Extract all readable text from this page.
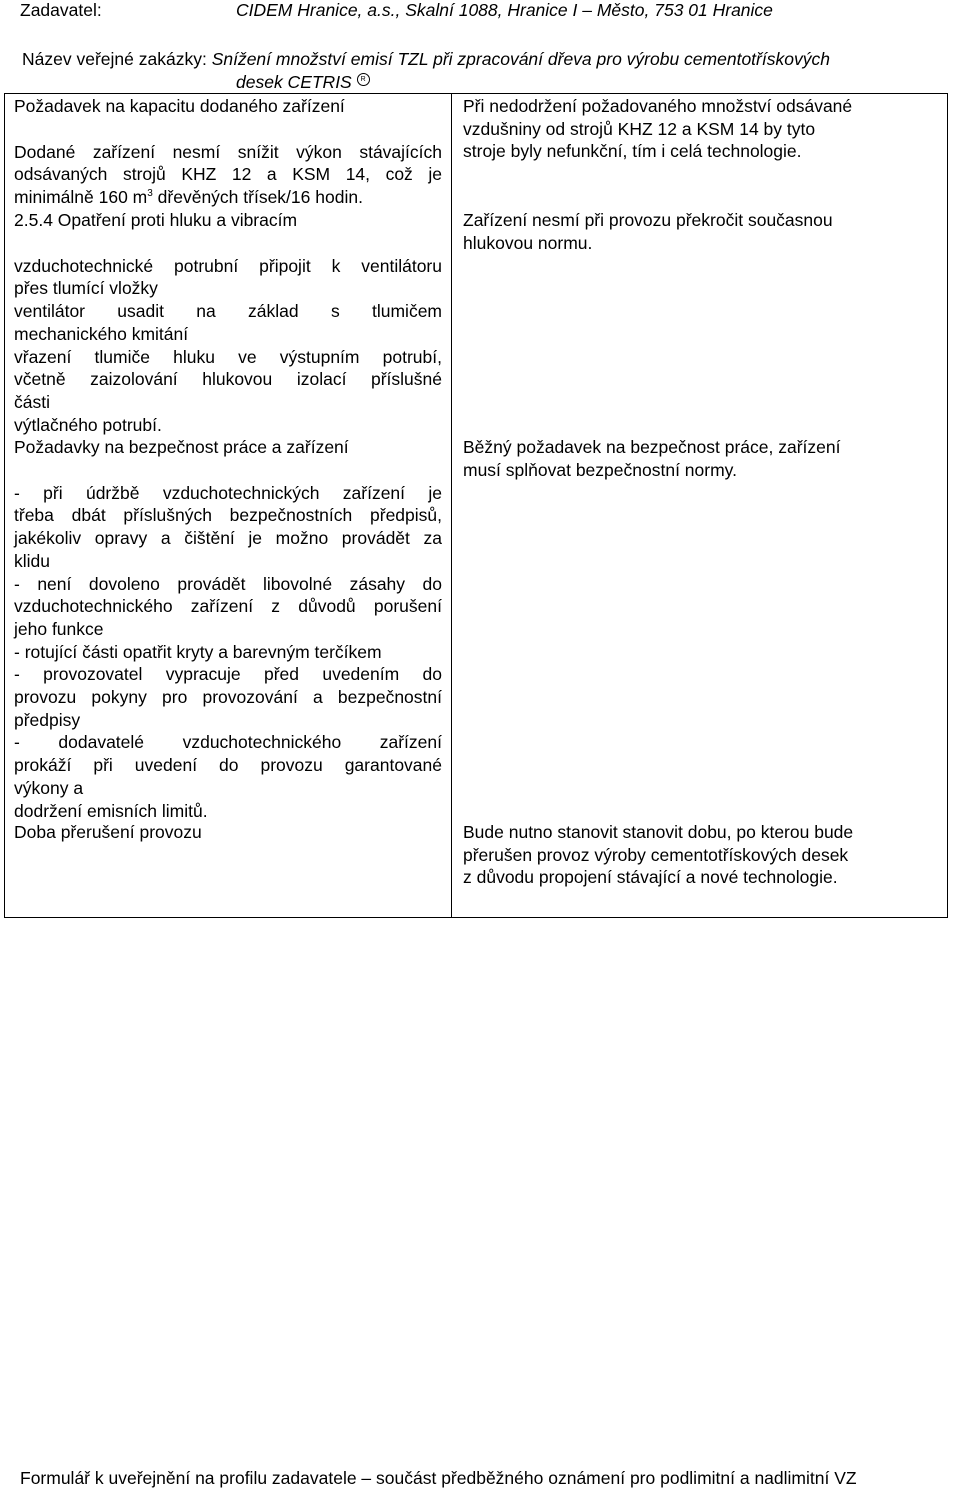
Zadavatel:	CIDEM Hranice, a.s., Skalní 1088, Hranice I – Město, 753 01 Hranice
Název veřejné zakázky: Snížení množství emisí TZL při zpracování dřeva pro výrobu cementotřískových
desek CETRIS R

Požadavek na kapacitu dodaného zařízení

Dodané zařízení nesmí snížit výkon stávajících

odsávaných strojů KHZ 12 a KSM 14, což je

minimálně 160 $m^3$ dřevěných třísek/16 hodin.

Při nedodržení požadovaného množství odsávané

vzdušniny od strojů KHZ 12 a KSM 14 by tyto

stroje byly nefunkční, tím i celá technologie.

2.5.4 Opatření proti hluku a vibracím

vzduchotechnické potrubní připojit k ventilátoru

přes tlumící vložky

ventilátor usadit na základ s tlumičem

mechanického kmitání

vřazení tlumiče hluku ve výstupním potrubí,

včetně zaizolování hlukovou izolací příslušné

části

výtlačného potrubí.

Zařízení nesmí při provozu překročit současnou

hlukovou normu.

Požadavky na bezpečnost práce a zařízení

- při údržbě vzduchotechnických zařízení je

třeba dbát příslušných bezpečnostních předpisů,

jakékoliv opravy a čištění je možno provádět za

klidu

- není dovoleno provádět libovolné zásahy do

vzduchotechnického zařízení z důvodů porušení

jeho funkce

- rotující části opatřit kryty a barevným terčíkem

- provozovatel vypracuje před uvedením do

provozu pokyny pro provozování a bezpečnostní

předpisy

- dodavatelé vzduchotechnického zařízení

prokáží při uvedení do provozu garantované

výkony a

dodržení emisních limitů.

Běžný požadavek na bezpečnost práce, zařízení

musí splňovat bezpečnostní normy.

Doba přerušení provozu	Bude nutno stanovit stanovit dobu, po kterou bude

přerušen provoz výroby cementotřískových desek

z důvodu propojení stávající a nové technologie.

Formulář k uveřejnění na profilu zadavatele – součást předběžného oznámení pro podlimitní a nadlimitní VZ
